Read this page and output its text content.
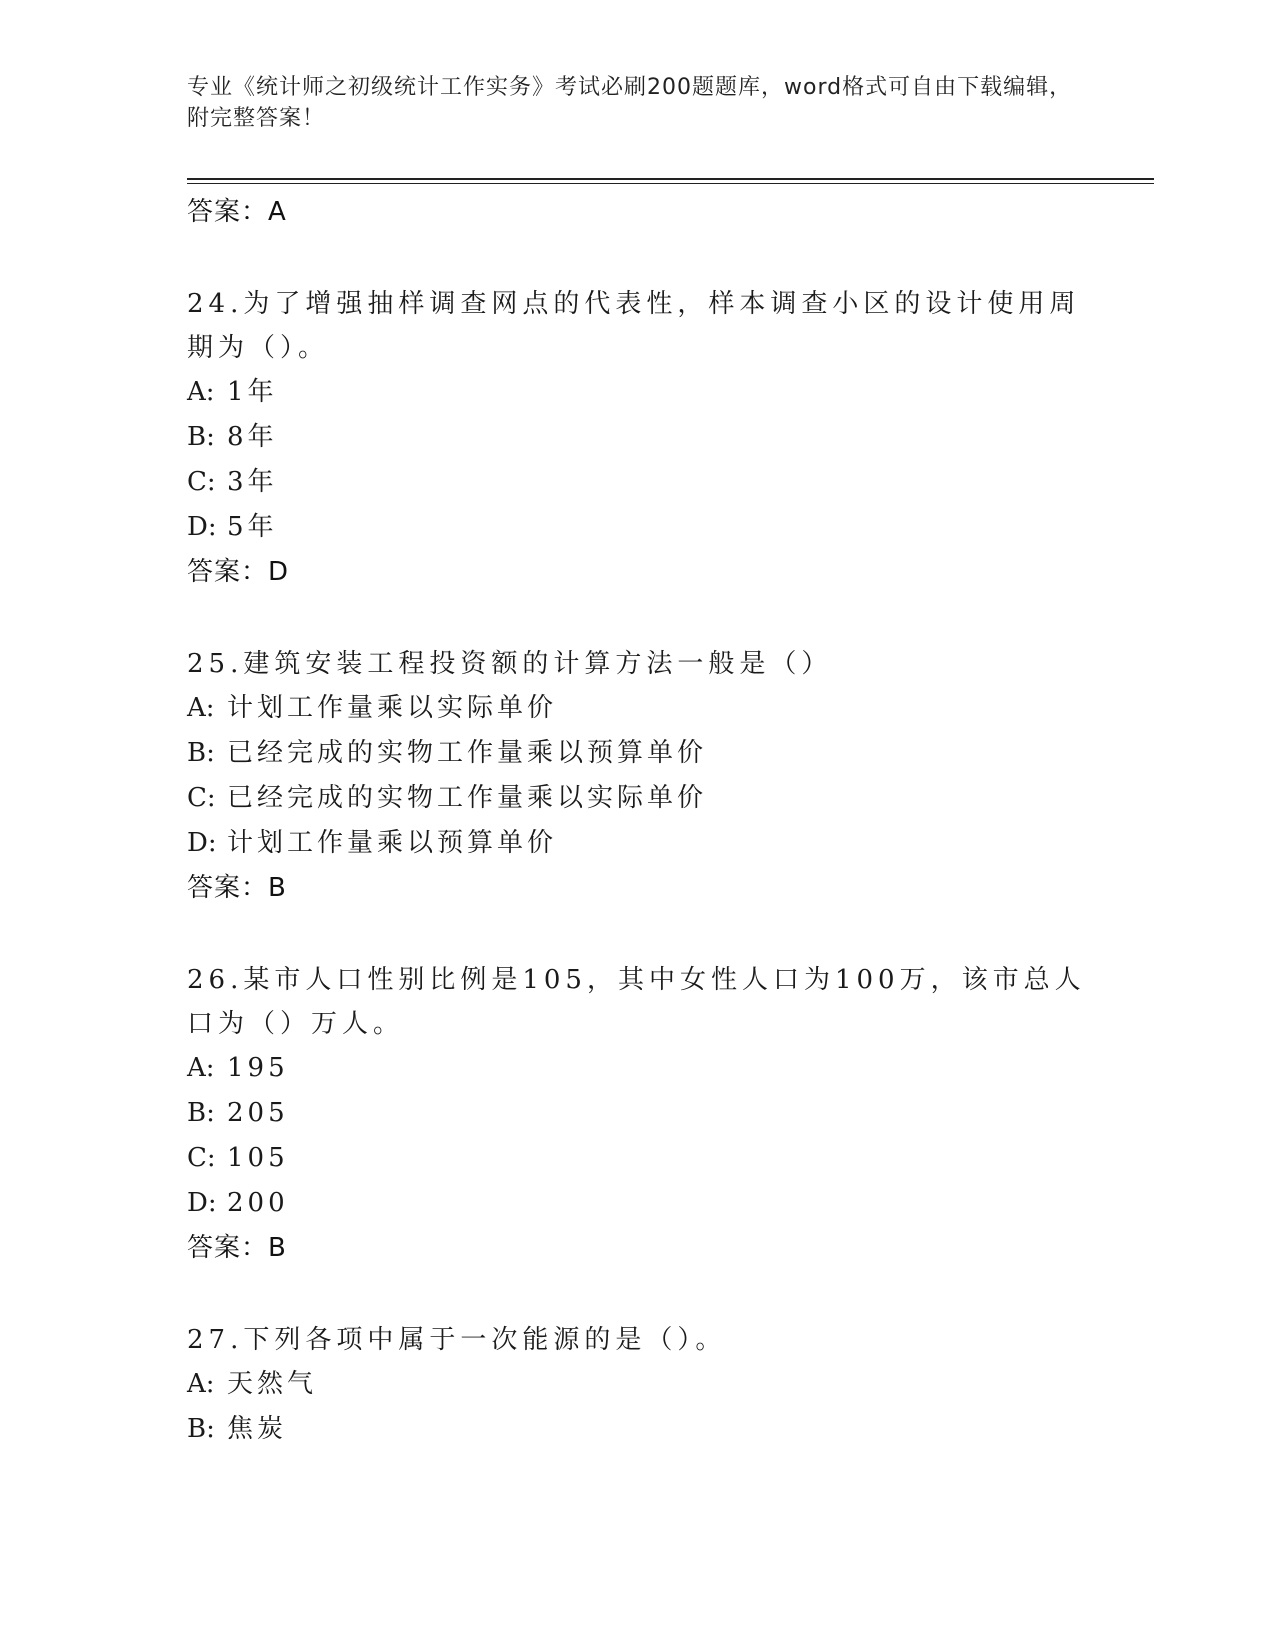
专业《统计师之初级统计工作实务》考试必刷200题题库，word格式可自由下载编辑，附完整答案！
答案：A
24.为了增强抽样调查网点的代表性，样本调查小区的设计使用周期为（）。
A: 1年
B: 8年
C: 3年
D: 5年
答案：D
25.建筑安装工程投资额的计算方法一般是（）
A: 计划工作量乘以实际单价
B: 已经完成的实物工作量乘以预算单价
C: 已经完成的实物工作量乘以实际单价
D: 计划工作量乘以预算单价
答案：B
26.某市人口性别比例是105，其中女性人口为100万，该市总人口为（）万人。
A: 195
B: 205
C: 105
D: 200
答案：B
27.下列各项中属于一次能源的是（）。
A: 天然气
B: 焦炭
